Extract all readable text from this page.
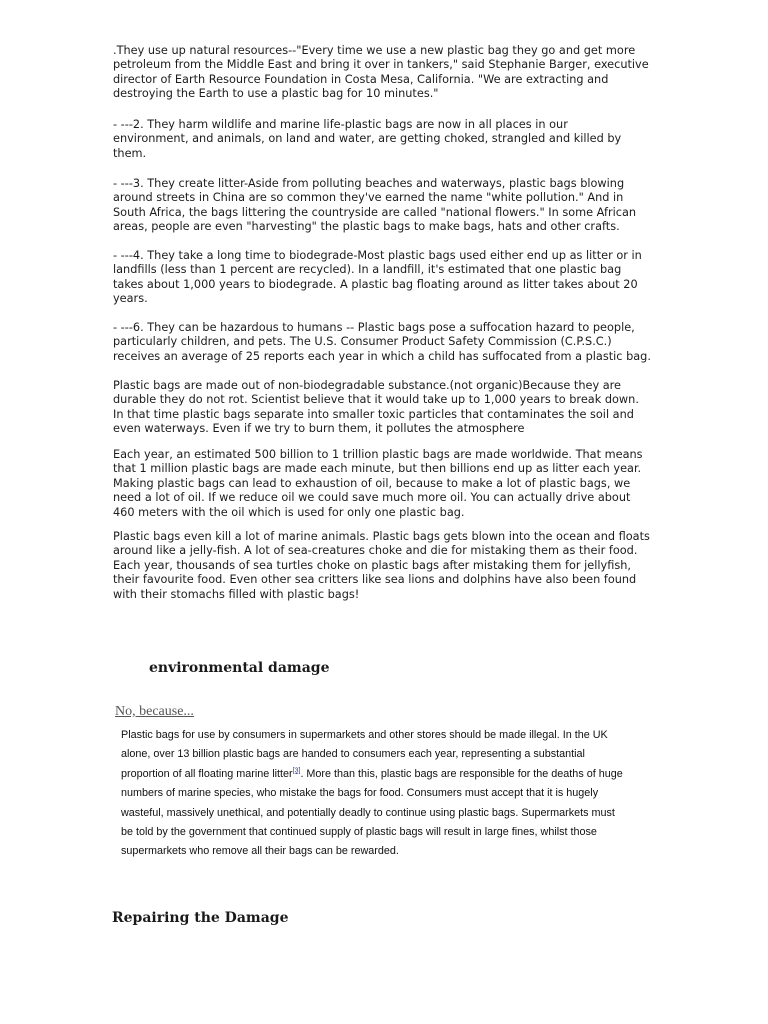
.They use up natural resources--"Every time we use a new plastic bag they go and get more
petroleum from the Middle East and bring it over in tankers," said Stephanie Barger, executive
director of Earth Resource Foundation in Costa Mesa, California. "We are extracting and
destroying the Earth to use a plastic bag for 10 minutes."

- ---2. They harm wildlife and marine life-plastic bags are now in all places in our
environment, and animals, on land and water, are getting choked, strangled and killed by
them.

- ---3. They create litter-Aside from polluting beaches and waterways, plastic bags blowing
around streets in China are so common they've earned the name "white pollution." And in
South Africa, the bags littering the countryside are called "national flowers." In some African
areas, people are even "harvesting" the plastic bags to make bags, hats and other crafts.

- ---4. They take a long time to biodegrade-Most plastic bags used either end up as litter or in
landfills (less than 1 percent are recycled). In a landfill, it's estimated that one plastic bag
takes about 1,000 years to biodegrade. A plastic bag floating around as litter takes about 20
years.

- ---6. They can be hazardous to humans -- Plastic bags pose a suffocation hazard to people,
particularly children, and pets. The U.S. Consumer Product Safety Commission (C.P.S.C.)
receives an average of 25 reports each year in which a child has suffocated from a plastic bag.

Plastic bags are made out of non-biodegradable substance.(not organic)Because they are
durable they do not rot. Scientist believe that it would take up to 1,000 years to break down.
In that time plastic bags separate into smaller toxic particles that contaminates the soil and
even waterways. Even if we try to burn them, it pollutes the atmosphere

Each year, an estimated 500 billion to 1 trillion plastic bags are made worldwide. That means
that 1 million plastic bags are made each minute, but then billions end up as litter each year.
Making plastic bags can lead to exhaustion of oil, because to make a lot of plastic bags, we
need a lot of oil. If we reduce oil we could save much more oil. You can actually drive about
460 meters with the oil which is used for only one plastic bag.

Plastic bags even kill a lot of marine animals. Plastic bags gets blown into the ocean and floats
around like a jelly-fish. A lot of sea-creatures choke and die for mistaking them as their food.
Each year, thousands of sea turtles choke on plastic bags after mistaking them for jellyfish,
their favourite food. Even other sea critters like sea lions and dolphins have also been found
with their stomachs filled with plastic bags!

environmental damage

No, because...

Plastic bags for use by consumers in supermarkets and other stores should be made illegal. In the UK
alone, over 13 billion plastic bags are handed to consumers each year, representing a substantial
proportion of all floating marine litter[3]. More than this, plastic bags are responsible for the deaths of huge
numbers of marine species, who mistake the bags for food. Consumers must accept that it is hugely
wasteful, massively unethical, and potentially deadly to continue using plastic bags. Supermarkets must
be told by the government that continued supply of plastic bags will result in large fines, whilst those
supermarkets who remove all their bags can be rewarded.
Repairing the Damage
